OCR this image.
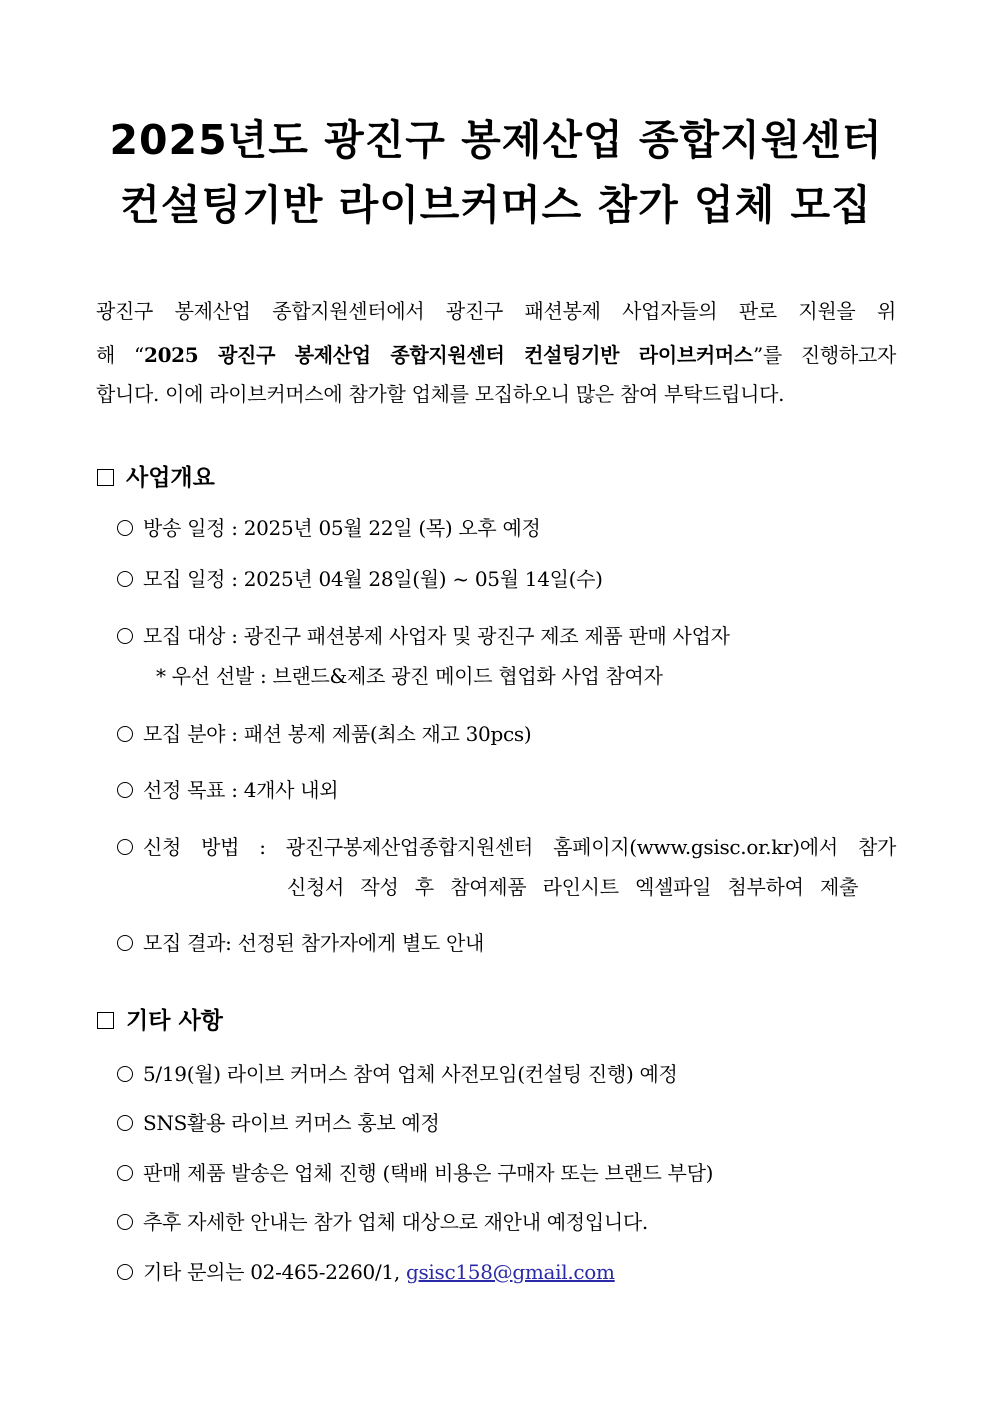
2025년도 광진구 봉제산업 종합지원센터
컨설팅기반 라이브커머스 참가 업체 모집
광진구 봉제산업 종합지원센터에서 광진구 패션봉제 사업자들의 판로 지원을 위
해 “2025 광진구 봉제산업 종합지원센터 컨설팅기반 라이브커머스”를 진행하고자
합니다. 이에 라이브커머스에 참가할 업체를 모집하오니 많은 참여 부탁드립니다.
사업개요
방송 일정 : 2025년 05월 22일 (목) 오후 예정
모집 일정 : 2025년 04월 28일(월) ~ 05월 14일(수)
모집 대상 : 광진구 패션봉제 사업자 및 광진구 제조 제품 판매 사업자
* 우선 선발 : 브랜드&제조 광진 메이드 협업화 사업 참여자
모집 분야 : 패션 봉제 제품(최소 재고 30pcs)
선정 목표 : 4개사 내외
신청 방법 : 광진구봉제산업종합지원센터 홈페이지(www.gsisc.or.kr)에서 참가
신청서 작성 후 참여제품 라인시트 엑셀파일 첨부하여 제출
모집 결과: 선정된 참가자에게 별도 안내
기타 사항
5/19(월) 라이브 커머스 참여 업체 사전모임(컨설팅 진행) 예정
SNS활용 라이브 커머스 홍보 예정
판매 제품 발송은 업체 진행 (택배 비용은 구매자 또는 브랜드 부담)
추후 자세한 안내는 참가 업체 대상으로 재안내 예정입니다.
기타 문의는 02-465-2260/1, gsisc158@gmail.com
